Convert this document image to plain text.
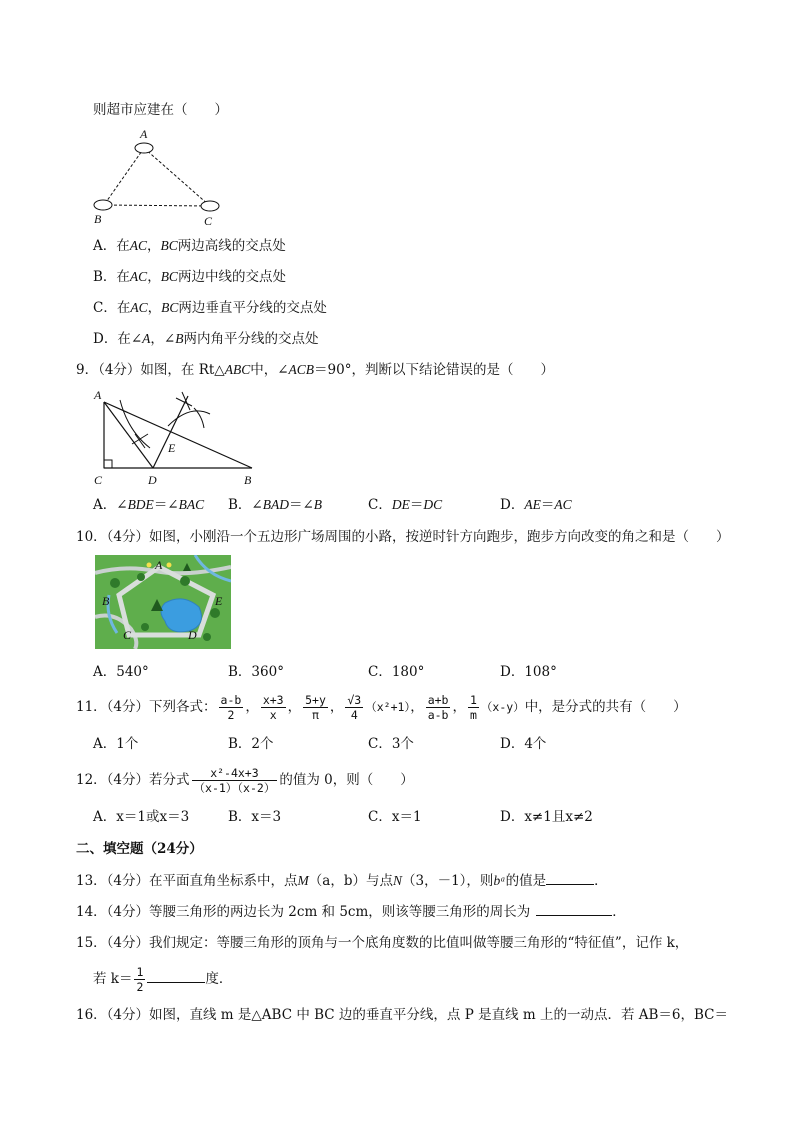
则超市应建在（　　）
A
B	C
A．在AC，BC两边高线的交点处
B．在AC，BC两边中线的交点处
C．在AC，BC两边垂直平分线的交点处
D．在∠A，∠B两内角平分线的交点处
9．（4分）如图，在 Rt△ABC中，∠ACB＝90°，判断以下结论错误的是（　　）
A
C	D
E
B
A．∠BDE＝∠BAC B．∠BAD＝∠B	C．DE＝DC	D．AE＝AC
10．（4分）如图，小刚沿一个五边形广场周围的小路，按逆时针方向跑步，跑步方向改变的角之和是（　　）
A
B
C	D
E
A．540°	B．360°	C．180°	D．108°
11．（4分）下列各式： $\frac{a-b}{2}$ ， $\frac{x+3}{x}$ ， $\frac{5+y}{\pi}$ ， $\frac{√3}{4} (x^2+1)$， $\frac{a+b}{a-b}$ ， $\frac{1}{m} (x-y)$中，是分式的共有（　　）
A．1个	B．2个	C．3个	D．4个
12．（4分）若分式 $\frac{\text{x²-4x+3}}{(x-1)(x-2)}$ 的值为 0，则（　　）
A．x＝1或x＝3	B．x＝3	C．x＝1	D．x≠1且x≠2
二、填空题（24分）
13．（4分）在平面直角坐标系中，点M（a，b）与点N（3，－1），则bᵃ的值是	．
14．（4分）等腰三角形的两边长为 2cm 和 5cm，则该等腰三角形的周长为	．
15．（4分）我们规定：等腰三角形的顶角与一个底角度数的比值叫做等腰三角形的“特征值”，记作 k，
若 $k= \frac{1}{2}$	度．
16．（4分）如图，直线 m 是△ABC 中 BC 边的垂直平分线，点 P 是直线 m 上的一动点．若 AB＝6，BC＝
